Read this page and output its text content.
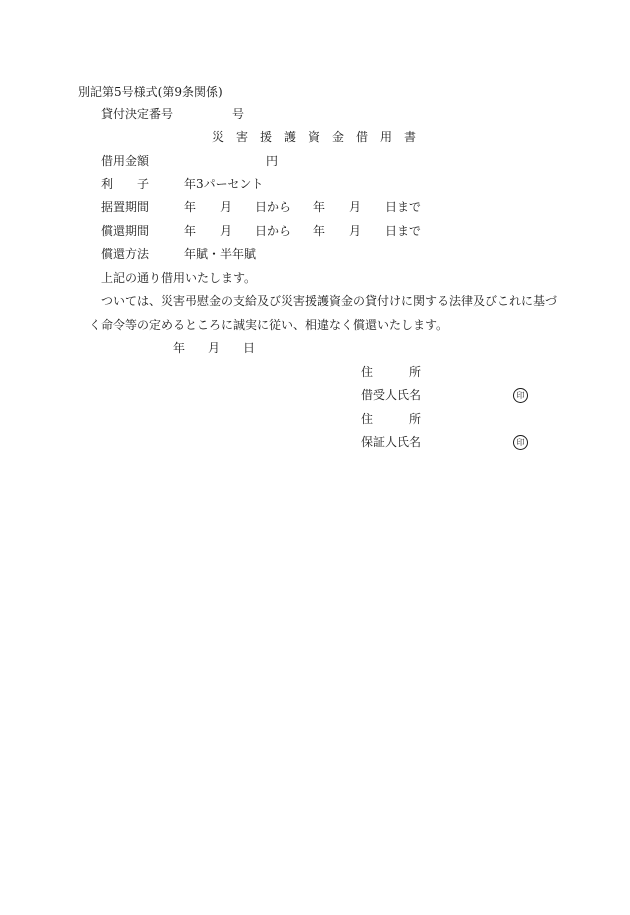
別記第5号様式(第9条関係)
貸付決定番号	号
災　害　援　護　資　金　借　用　書
借用金額	円
利　　子	年3パーセント
据置期間	年 月 日から 年 月 日まで
償還期間	年 月 日から 年 月 日まで
償還方法	年賦・半年賦
上記の通り借用いたします。
ついては、災害弔慰金の支給及び災害援護資金の貸付けに関する法律及びこれに基づ
く命令等の定めるところに誠実に従い、相違なく償還いたします。
年 月 日
住　　　所
借受人氏名	印
住　　　所
保証人氏名	印
